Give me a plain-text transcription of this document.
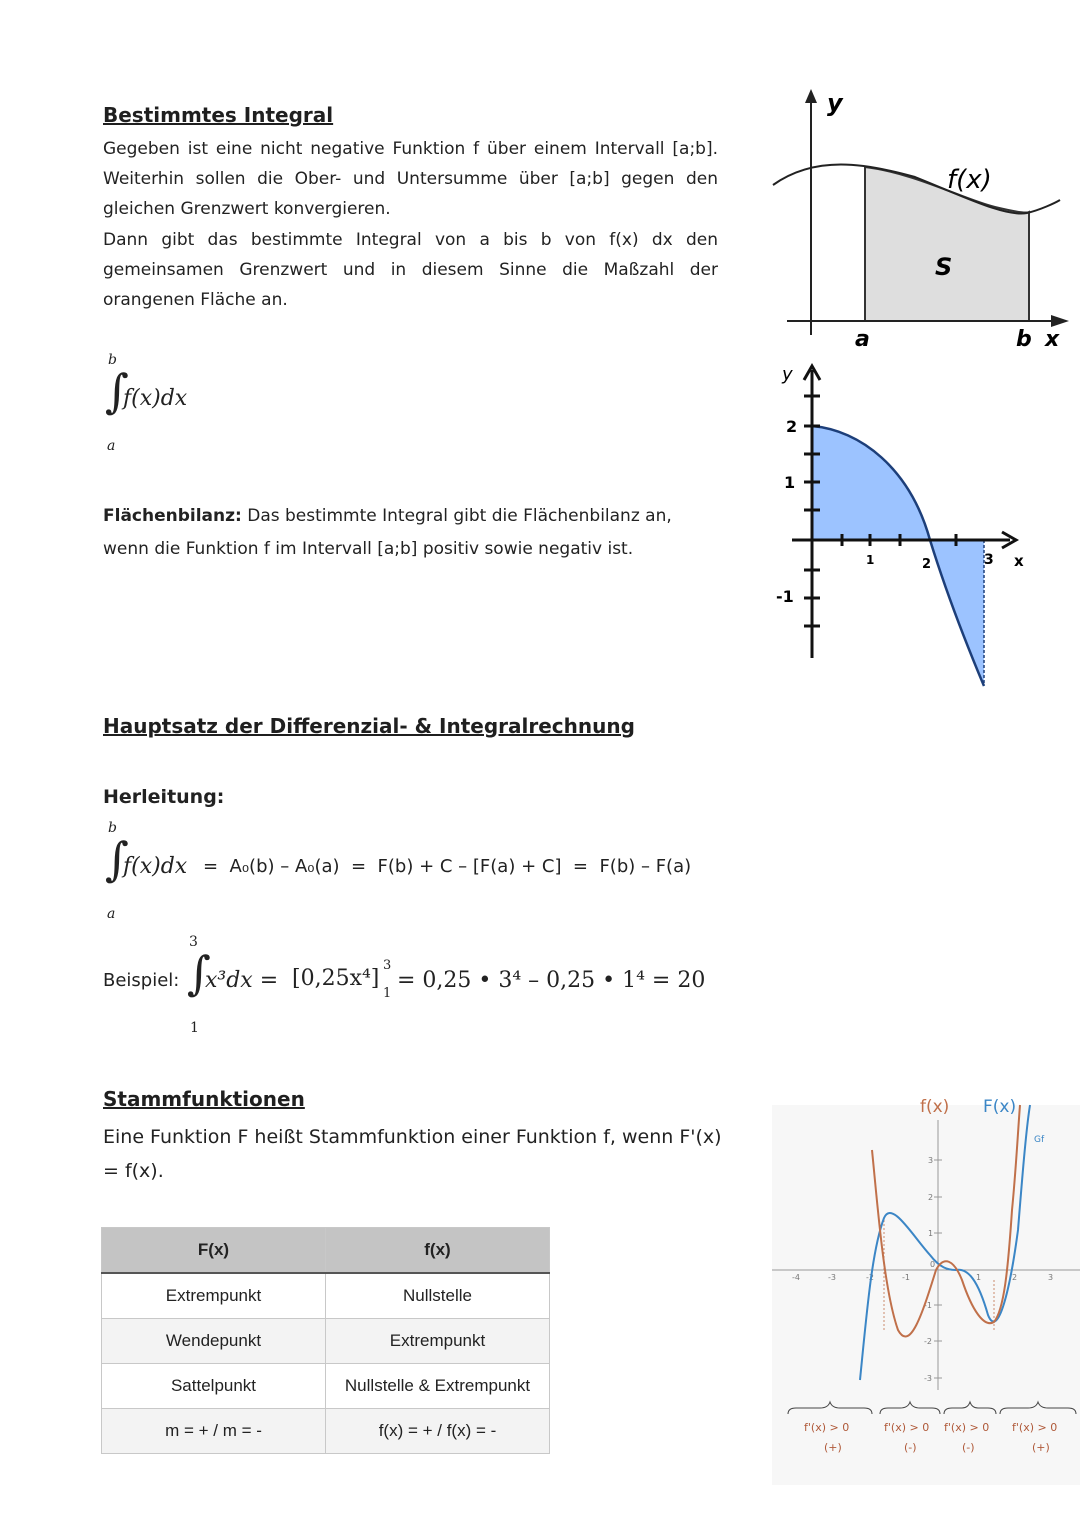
Bestimmtes Integral
Gegeben ist eine nicht negative Funktion f über einem Intervall [a;b]. Weiterhin sollen die Ober- und Untersumme über [a;b] gegen den gleichen Grenzwert konvergieren.
Dann gibt das bestimmte Integral von a bis b von f(x) dx den gemeinsamen Grenzwert und in diesem Sinne die Maßzahl der orangenen Fläche an.
b
∫
f(x)dx
a
Flächenbilanz: Das bestimmte Integral gibt die Flächenbilanz an, wenn die Funktion f im Intervall [a;b] positiv sowie negativ ist.
Hauptsatz der Differenzial- & Integralrechnung
Herleitung:
b
∫
f(x)dx =  A₀(b) – A₀(a)  =  F(b) + C – [F(a) + C]  =  F(b) – F(a)
a
Beispiel:
3
∫
x³dx = [0,25x⁴]
3
1
= 0,25 • 3⁴ – 0,25 • 1⁴ = 20
1
Stammfunktionen
Eine Funktion F heißt Stammfunktion einer Funktion f, wenn F'(x) = f(x).
F(x)	f(x)
Extrempunkt	Nullstelle
Wendepunkt	Extrempunkt
Sattelpunkt	Nullstelle & Extrempunkt
m = + / m = -	f(x) = + / f(x) = -
y
f(x)
S
a	b x
y
2
1
-1
1	2	3 x
3
2
1
0
-1
-2
-3
-4	-3	-2	-1	1	2	3
f(x) F(x)
Gf
f'(x) > 0
(+)
f'(x) > 0
(-)
f'(x) > 0
(-)
f'(x) > 0
(+)
